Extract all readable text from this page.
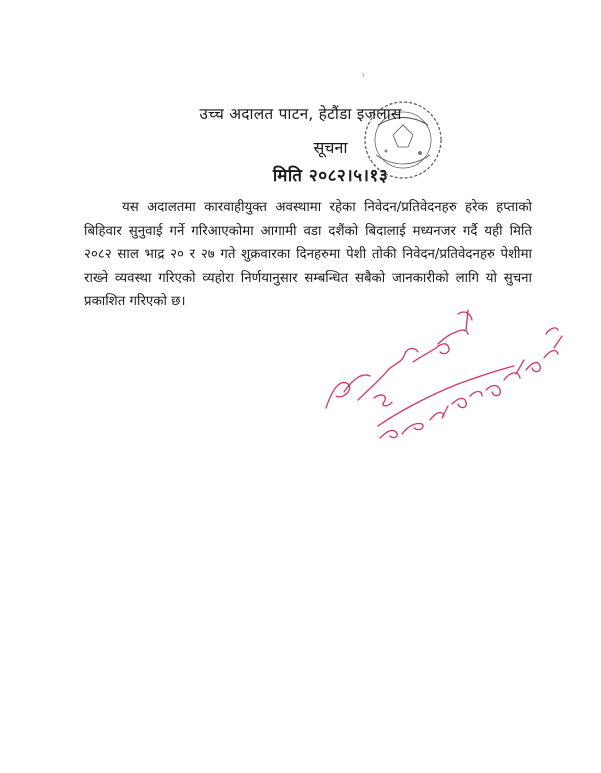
उच्च अदालत पाटन, हेटौंडा इजलास
सूचना
मिति २०८२।५।१३
यस अदालतमा कारवाहीयुक्त अवस्थामा रहेका निवेदन/प्रतिवेदनहरु हरेक हप्ताको बिहिवार सुनुवाई गर्ने गरिआएकोमा आगामी वडा दशैंको बिदालाई मध्यनजर गर्दै यही मिति २०८२ साल भाद्र २० र २७ गते शुक्रवारका दिनहरुमा पेशी तोकी निवेदन/प्रतिवेदनहरु पेशीमा राख्ने व्यवस्था गरिएको व्यहोरा निर्णयानुसार सम्बन्धित सबैको जानकारीको लागि यो सुचना प्रकाशित गरिएको छ।
